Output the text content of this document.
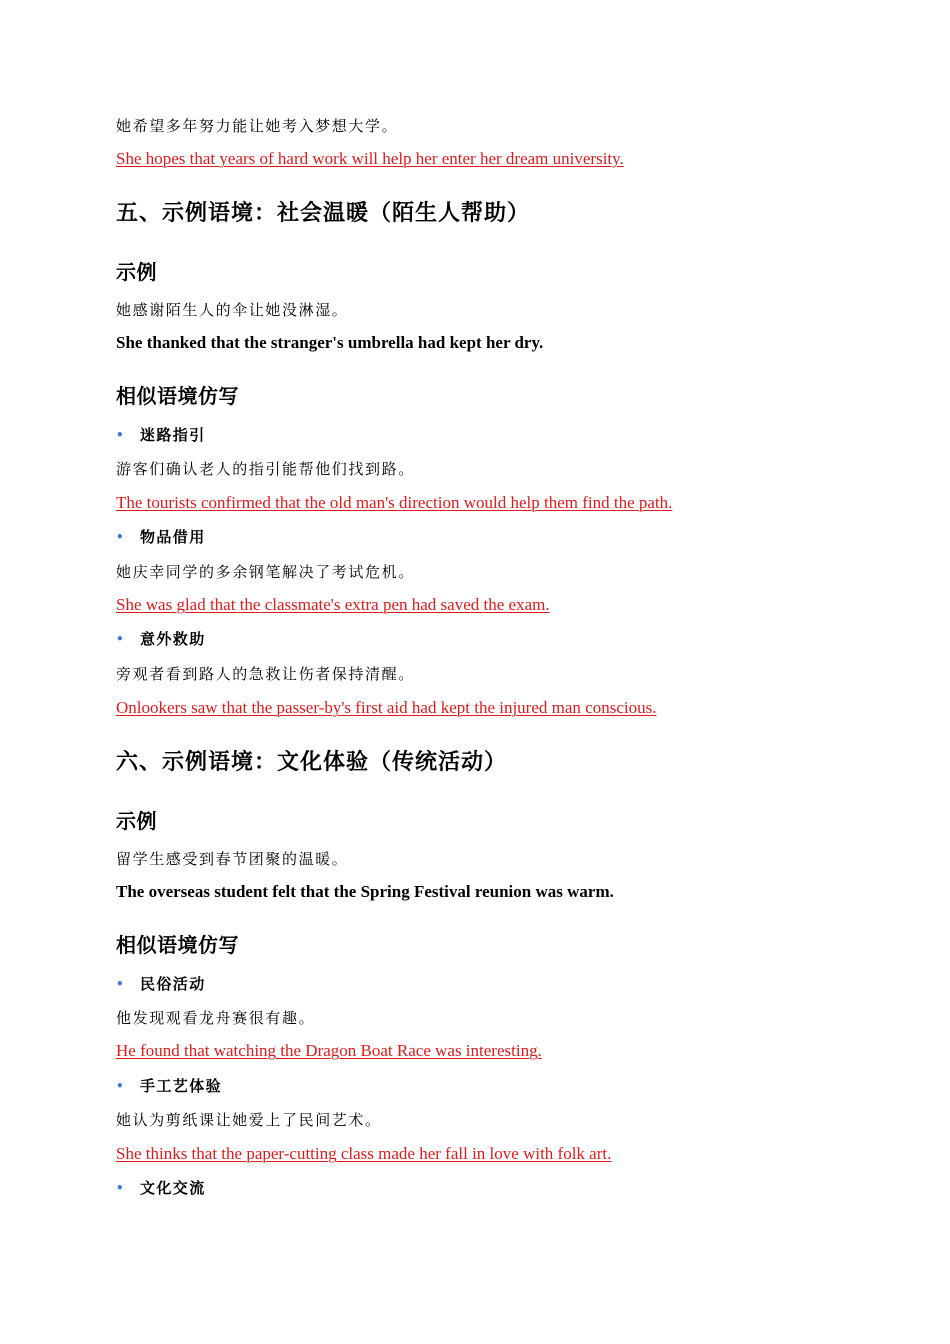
她希望多年努力能让她考入梦想大学。
She hopes that years of hard work will help her enter her dream university.
五、示例语境：社会温暖（陌生人帮助）
示例
她感谢陌生人的伞让她没淋湿。
She thanked that the stranger's umbrella had kept her dry.
相似语境仿写
• 迷路指引
游客们确认老人的指引能帮他们找到路。
The tourists confirmed that the old man's direction would help them find the path.
• 物品借用
她庆幸同学的多余钢笔解决了考试危机。
She was glad that the classmate's extra pen had saved the exam.
• 意外救助
旁观者看到路人的急救让伤者保持清醒。
Onlookers saw that the passer-by's first aid had kept the injured man conscious.
六、示例语境：文化体验（传统活动）
示例
留学生感受到春节团聚的温暖。
The overseas student felt that the Spring Festival reunion was warm.
相似语境仿写
• 民俗活动
他发现观看龙舟赛很有趣。
He found that watching the Dragon Boat Race was interesting.
• 手工艺体验
她认为剪纸课让她爱上了民间艺术。
She thinks that the paper-cutting class made her fall in love with folk art.
• 文化交流
